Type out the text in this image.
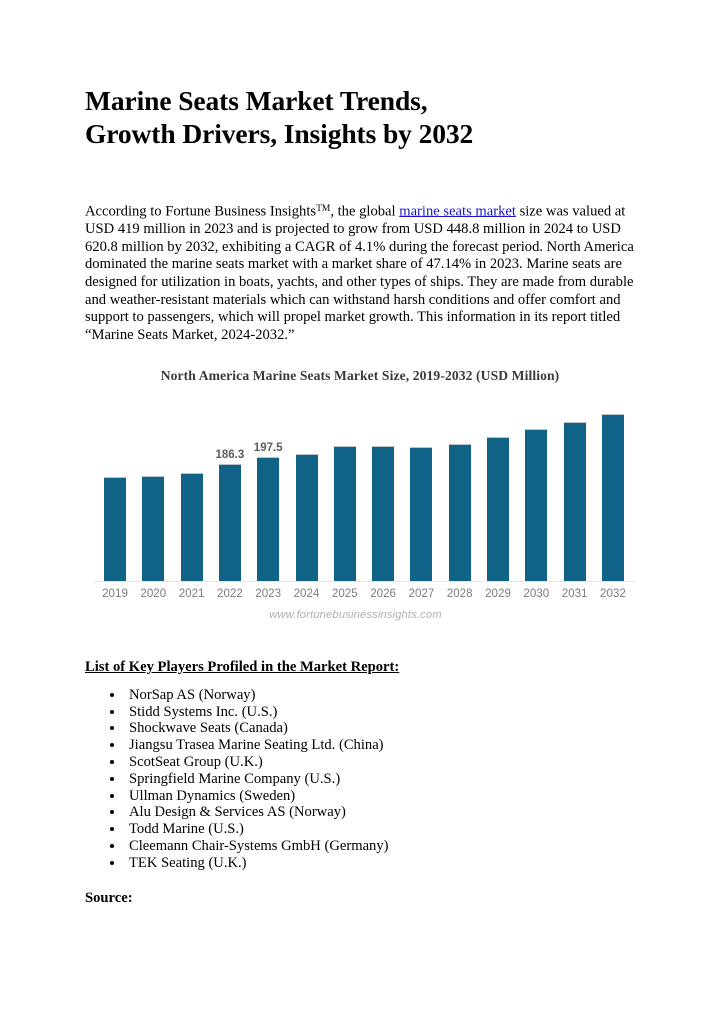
Marine Seats Market Trends,
Growth Drivers, Insights by 2032

According to Fortune Business Insights™, the global marine seats market size was valued at USD 419 million in 2023 and is projected to grow from USD 448.8 million in 2024 to USD 620.8 million by 2032, exhibiting a CAGR of 4.1% during the forecast period. North America dominated the marine seats market with a market share of 47.14% in 2023. Marine seats are designed for utilization in boats, yachts, and other types of ships. They are made from durable and weather-resistant materials which can withstand harsh conditions and offer comfort and support to passengers, which will propel market growth. This information in its report titled “Marine Seats Market, 2024-2032.”

North America Marine Seats Market Size, 2019-2032 (USD Million)
186.3
197.5
2019 2020 2021 2022 2023 2024 2025 2026 2027 2028 2029 2030 2031 2032
www.fortunebusinessinsights.com
List of Key Players Profiled in the Market Report:
• NorSap AS (Norway)
• Stidd Systems Inc. (U.S.)
• Shockwave Seats (Canada)
• Jiangsu Trasea Marine Seating Ltd. (China)
• ScotSeat Group (U.K.)
• Springfield Marine Company (U.S.)
• Ullman Dynamics (Sweden)
• Alu Design & Services AS (Norway)
• Todd Marine (U.S.)
• Cleemann Chair-Systems GmbH (Germany)
• TEK Seating (U.K.)
Source:
